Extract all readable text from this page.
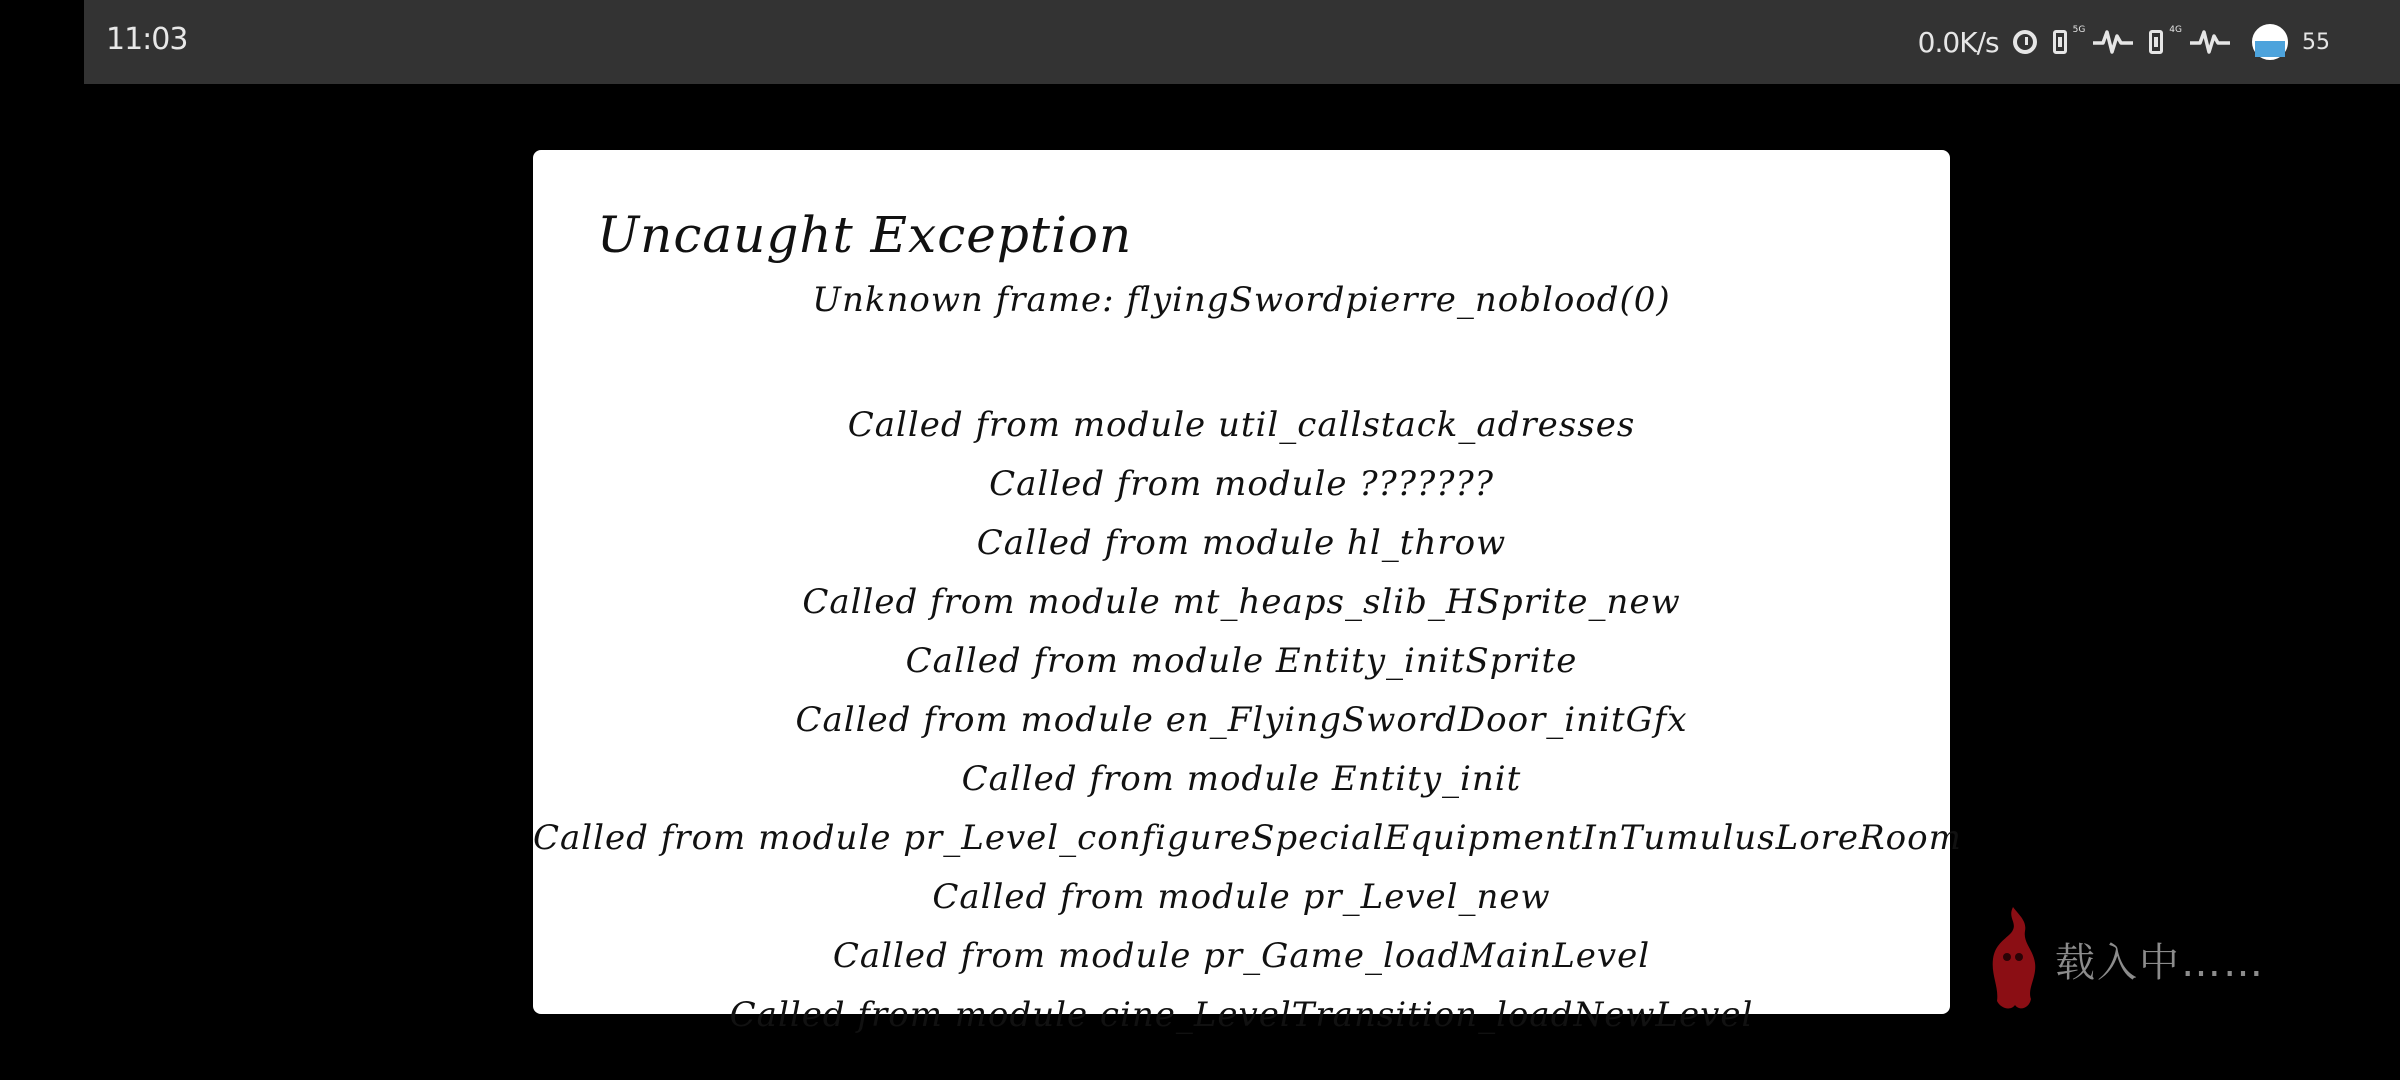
11:03	0.0K/s	5G	4G	55
Uncaught Exception
Unknown frame: flyingSwordpierre_noblood(0)
Called from module util_callstack_adresses
Called from module ???????
Called from module hl_throw
Called from module mt_heaps_slib_HSprite_new
Called from module Entity_initSprite
Called from module en_FlyingSwordDoor_initGfx
Called from module Entity_init
Called from module pr_Level_configureSpecialEquipmentInTumulusLoreRoom
Called from module pr_Level_new
Called from module pr_Game_loadMainLevel
Called from module cine_LevelTransition_loadNewLevel
载入中……
